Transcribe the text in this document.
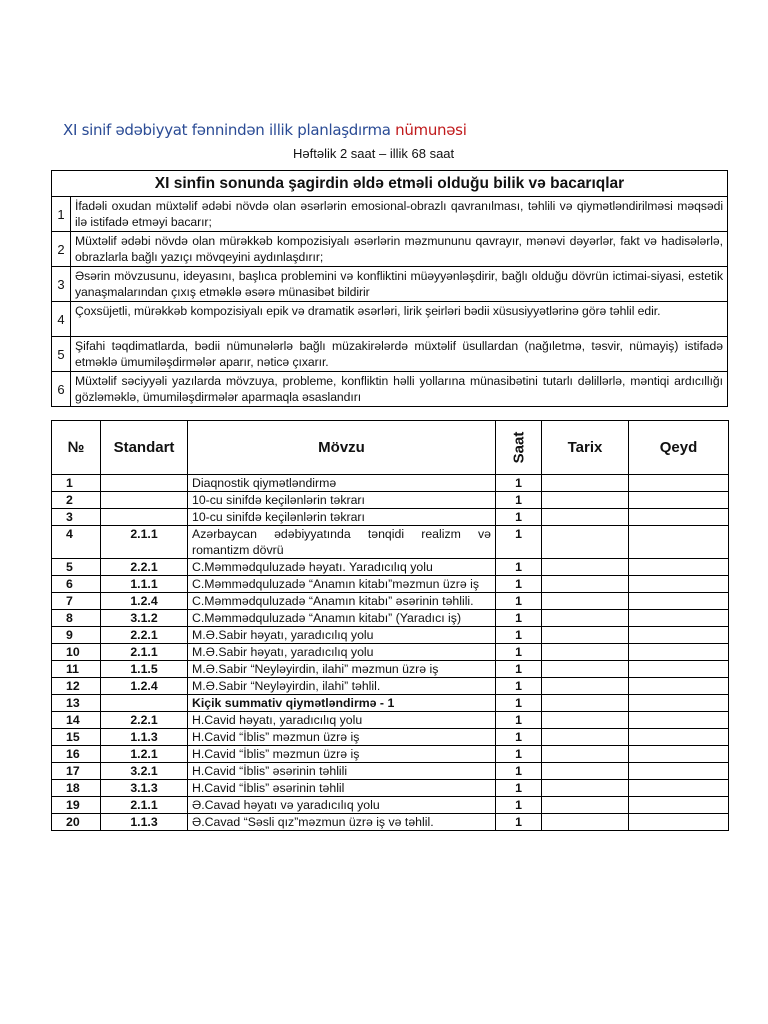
XI sinif ədəbiyyat fənnindən illik planlaşdırma nümunəsi
Həftəlik 2 saat – illik 68 saat
XI sinfin sonunda şagirdin əldə etməli olduğu bilik və bacarıqlar	
1	İfadəli oxudan müxtəlif ədəbi növdə olan əsərlərin emosional-obrazlı qavranılması, təhlili və qiymətləndirilməsi məqsədi ilə istifadə etməyi bacarır;
2	Müxtəlif ədəbi növdə olan mürəkkəb kompozisiyalı əsərlərin məzmununu qavrayır, mənəvi dəyərlər, fakt və hadisələrlə, obrazlarla bağlı yazıçı mövqeyini aydınlaşdırır;
3	Əsərin mövzusunu, ideyasını, başlıca problemini və konfliktini müəyyənləşdirir, bağlı olduğu dövrün ictimai-siyasi, estetik yanaşmalarından çıxış etməklə əsərə münasibət bildirir
4	Çoxsüjetli, mürəkkəb kompozisiyalı epik və dramatik əsərləri, lirik şeirləri bədii xüsusiyyətlərinə görə təhlil edir.
5	Şifahi təqdimatlarda, bədii nümunələrlə bağlı müzakirələrdə müxtəlif üsullardan (nağıletmə, təsvir, nümayiş) istifadə etməklə ümumiləşdirmələr aparır, nəticə çıxarır.
6	Müxtəlif səciyyəli yazılarda mövzuya, probleme, konfliktin həlli yollarına münasibətini tutarlı dəlillərlə, məntiqi ardıcıllığı gözləməklə, ümumiləşdirmələr aparmaqla əsaslandırı
№	Standart	Mövzu	Saat	Tarix	Qeyd
1		Diaqnostik qiymətləndirmə	1		
2		10-cu sinifdə keçilənlərin təkrarı	1		
3		10-cu sinifdə keçilənlərin təkrarı	1		
4	2.1.1	Azərbaycan ədəbiyyatında tənqidi realizm və romantizm dövrü	1		
5	2.2.1	C.Məmmədquluzadə həyatı. Yaradıcılıq yolu	1		
6	1.1.1	C.Məmmədquluzadə “Anamın kitabı”məzmun üzrə iş	1		
7	1.2.4	C.Məmmədquluzadə “Anamın kitabı” əsərinin təhlili.	1		
8	3.1.2	C.Məmmədquluzadə “Anamın kitabı” (Yaradıcı iş)	1		
9	2.2.1	M.Ə.Sabir həyatı, yaradıcılıq yolu	1		
10	2.1.1	M.Ə.Sabir həyatı, yaradıcılıq yolu	1		
11	1.1.5	M.Ə.Sabir “Neyləyirdin, ilahi” məzmun üzrə iş	1		
12	1.2.4	M.Ə.Sabir “Neyləyirdin, ilahi” təhlil.	1		
13		Kiçik summativ qiymətləndirmə - 1	1		
14	2.2.1	H.Cavid həyatı, yaradıcılıq yolu	1		
15	1.1.3	H.Cavid “İblis” məzmun üzrə iş	1		
16	1.2.1	H.Cavid “İblis” məzmun üzrə iş	1		
17	3.2.1	H.Cavid “İblis” əsərinin təhlili	1		
18	3.1.3	H.Cavid “İblis” əsərinin təhlil	1		
19	2.1.1	Ə.Cavad həyatı və yaradıcılıq yolu	1		
20	1.1.3	Ə.Cavad “Səsli qız”məzmun üzrə iş və təhlil.	1		
